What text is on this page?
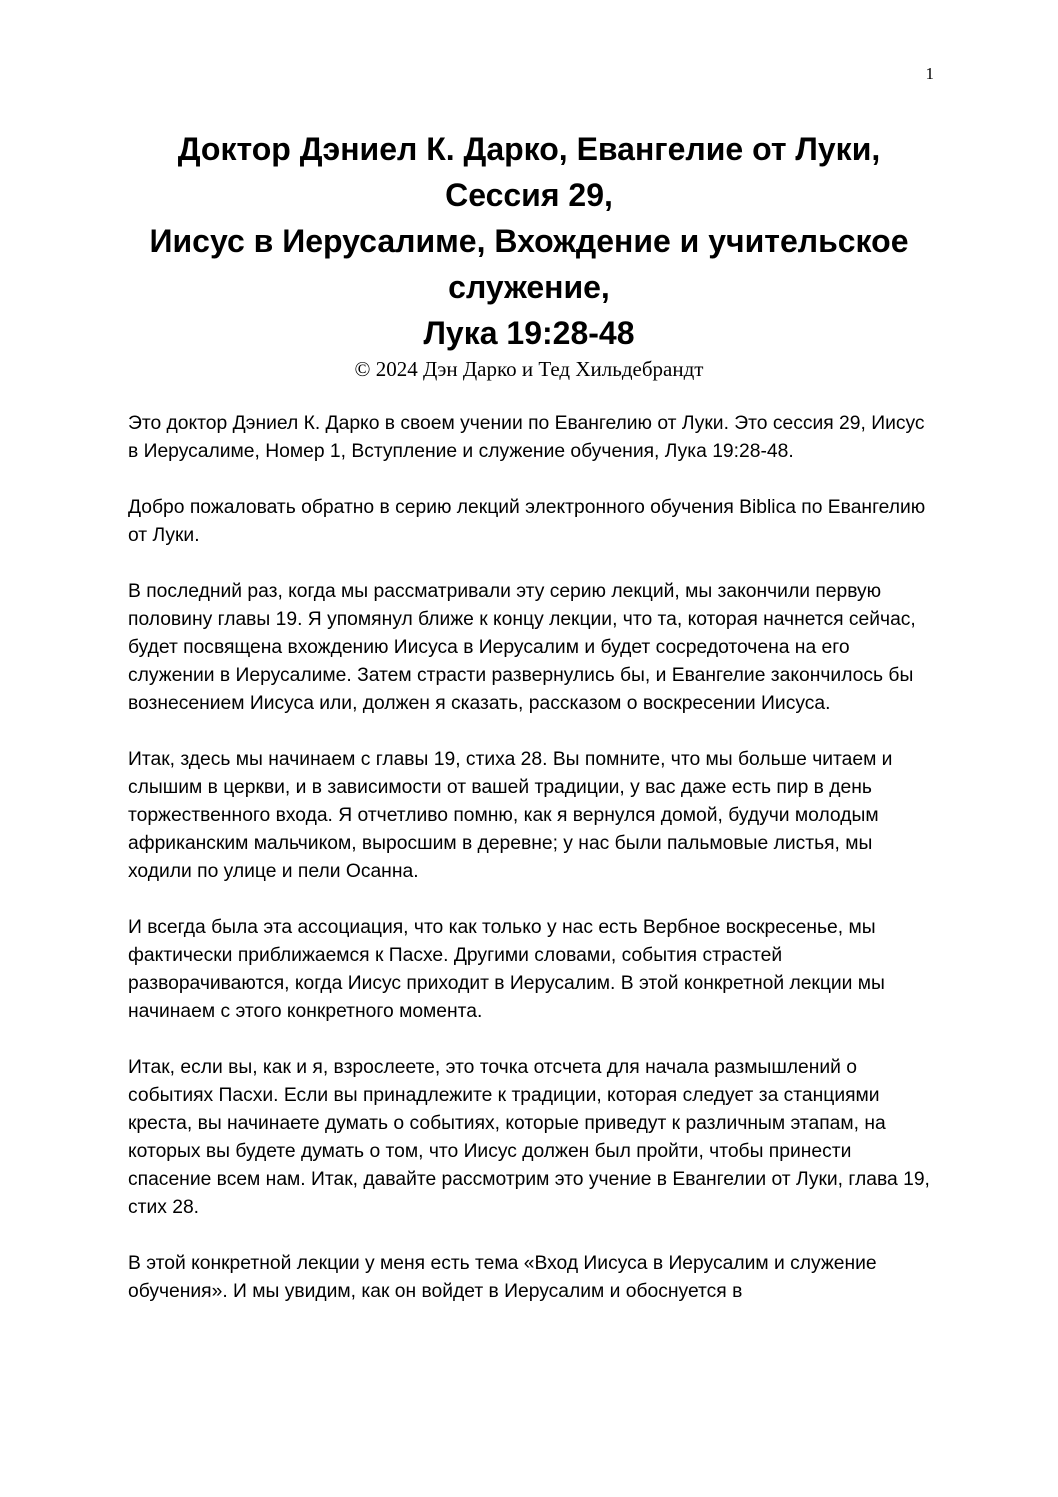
1
Доктор Дэниел К. Дарко, Евангелие от Луки,
Сессия 29,
Иисус в Иерусалиме, Вхождение и учительское
служение,
Лука 19:28-48
© 2024 Дэн Дарко и Тед Хильдебрандт

Это доктор Дэниел К. Дарко в своем учении по Евангелию от Луки. Это сессия 29, Иисус в Иерусалиме, Номер 1, Вступление и служение обучения, Лука 19:28-48.

Добро пожаловать обратно в серию лекций электронного обучения Biblica по Евангелию от Луки.

В последний раз, когда мы рассматривали эту серию лекций, мы закончили первую половину главы 19. Я упомянул ближе к концу лекции, что та, которая начнется сейчас, будет посвящена вхождению Иисуса в Иерусалим и будет сосредоточена на его служении в Иерусалиме. Затем страсти развернулись бы, и Евангелие закончилось бы вознесением Иисуса или, должен я сказать, рассказом о воскресении Иисуса.

Итак, здесь мы начинаем с главы 19, стиха 28. Вы помните, что мы больше читаем и слышим в церкви, и в зависимости от вашей традиции, у вас даже есть пир в день торжественного входа. Я отчетливо помню, как я вернулся домой, будучи молодым африканским мальчиком, выросшим в деревне; у нас были пальмовые листья, мы ходили по улице и пели Осанна.

И всегда была эта ассоциация, что как только у нас есть Вербное воскресенье, мы фактически приближаемся к Пасхе. Другими словами, события страстей разворачиваются, когда Иисус приходит в Иерусалим. В этой конкретной лекции мы начинаем с этого конкретного момента.

Итак, если вы, как и я, взрослеете, это точка отсчета для начала размышлений о событиях Пасхи. Если вы принадлежите к традиции, которая следует за станциями креста, вы начинаете думать о событиях, которые приведут к различным этапам, на которых вы будете думать о том, что Иисус должен был пройти, чтобы принести спасение всем нам. Итак, давайте рассмотрим это учение в Евангелии от Луки, глава 19, стих 28.

В этой конкретной лекции у меня есть тема «Вход Иисуса в Иерусалим и служение обучения». И мы увидим, как он войдет в Иерусалим и обоснуется в
